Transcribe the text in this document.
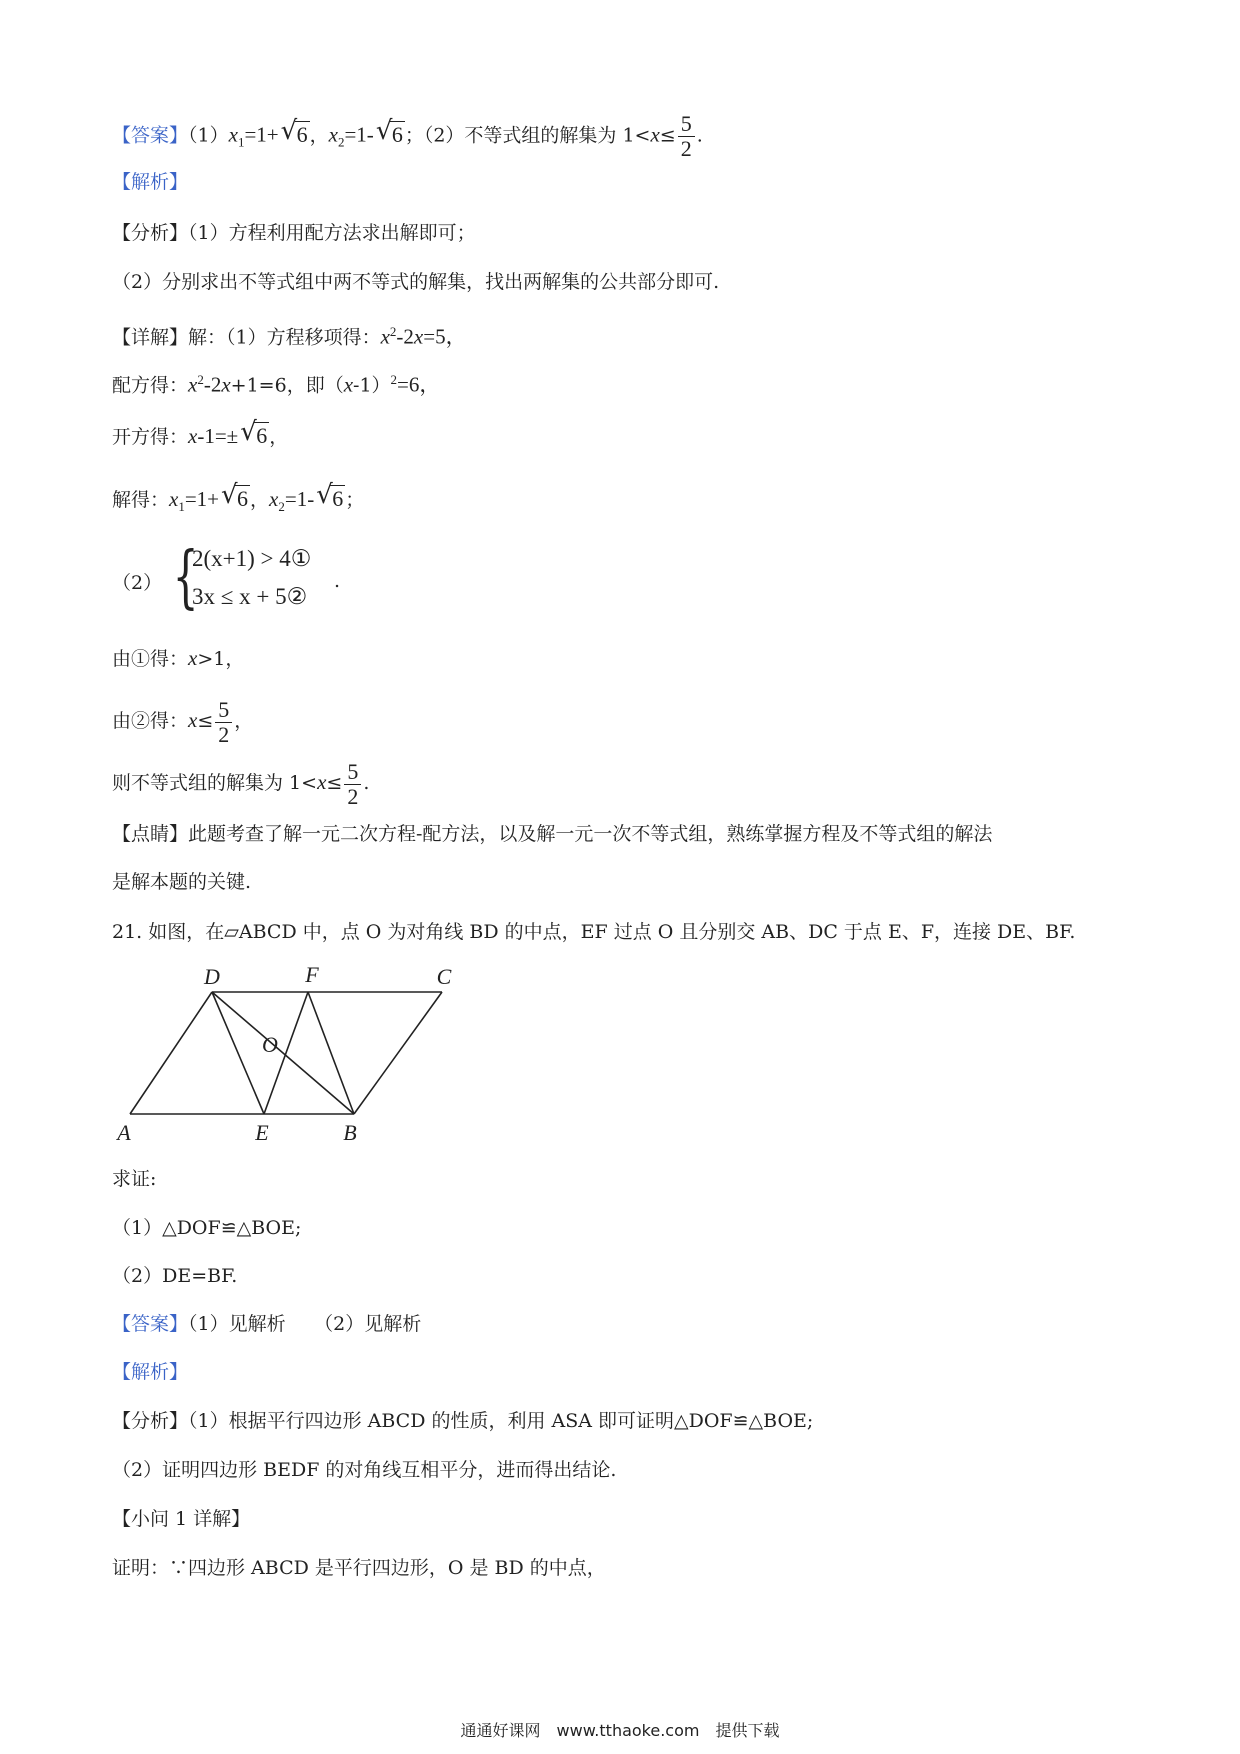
【答案】$(1)x_1=1+$ √ 6 ，$x_2=1-$ √ 6 ；（2）不等式组的解集为 $1<x\le \frac{5}{2}$ .
【解析】
【分析】（1）方程利用配方法求出解即可；
（2）分别求出不等式组中两不等式的解集，找出两解集的公共部分即可.
【详解】解：（1）方程移项得：$x^2-2x=5$，
配方得：$x^2-2x+1=6$，即$(x-1)^2=6$，
开方得：x-1=± √ 6 ，
解得：$x_1=1+$ √ 6 ，$x_2=1-$ √ 6 ；
（2） {
2(x+1) > 4①
3x ≤ x + 5②
.
由①得：x>1，
由②得：$x\le \frac{5}{2}$ ，
则不等式组的解集为 $1<x\le \frac{5}{2}$ .
【点睛】此题考查了解一元二次方程-配方法，以及解一元一次不等式组，熟练掌握方程及不等式组的解法
是解本题的关键.
21. 如图，在▱ABCD 中，点 O 为对角线 BD 的中点，EF 过点 O 且分别交 AB、DC 于点 E、F，连接 DE、BF.
D	F	C
O
A	E	B
求证:
（1）△DOF≌△BOE;
（2）DE=BF.
【答案】（1）见解析　　（2）见解析
【解析】
【分析】（1）根据平行四边形 ABCD 的性质，利用 ASA 即可证明△DOF≌△BOE;
（2）证明四边形 BEDF 的对角线互相平分，进而得出结论.
【小问 1 详解】
证明：∵四边形 ABCD 是平行四边形，O 是 BD 的中点，
通通好课网　www.tthaoke.com　提供下载
